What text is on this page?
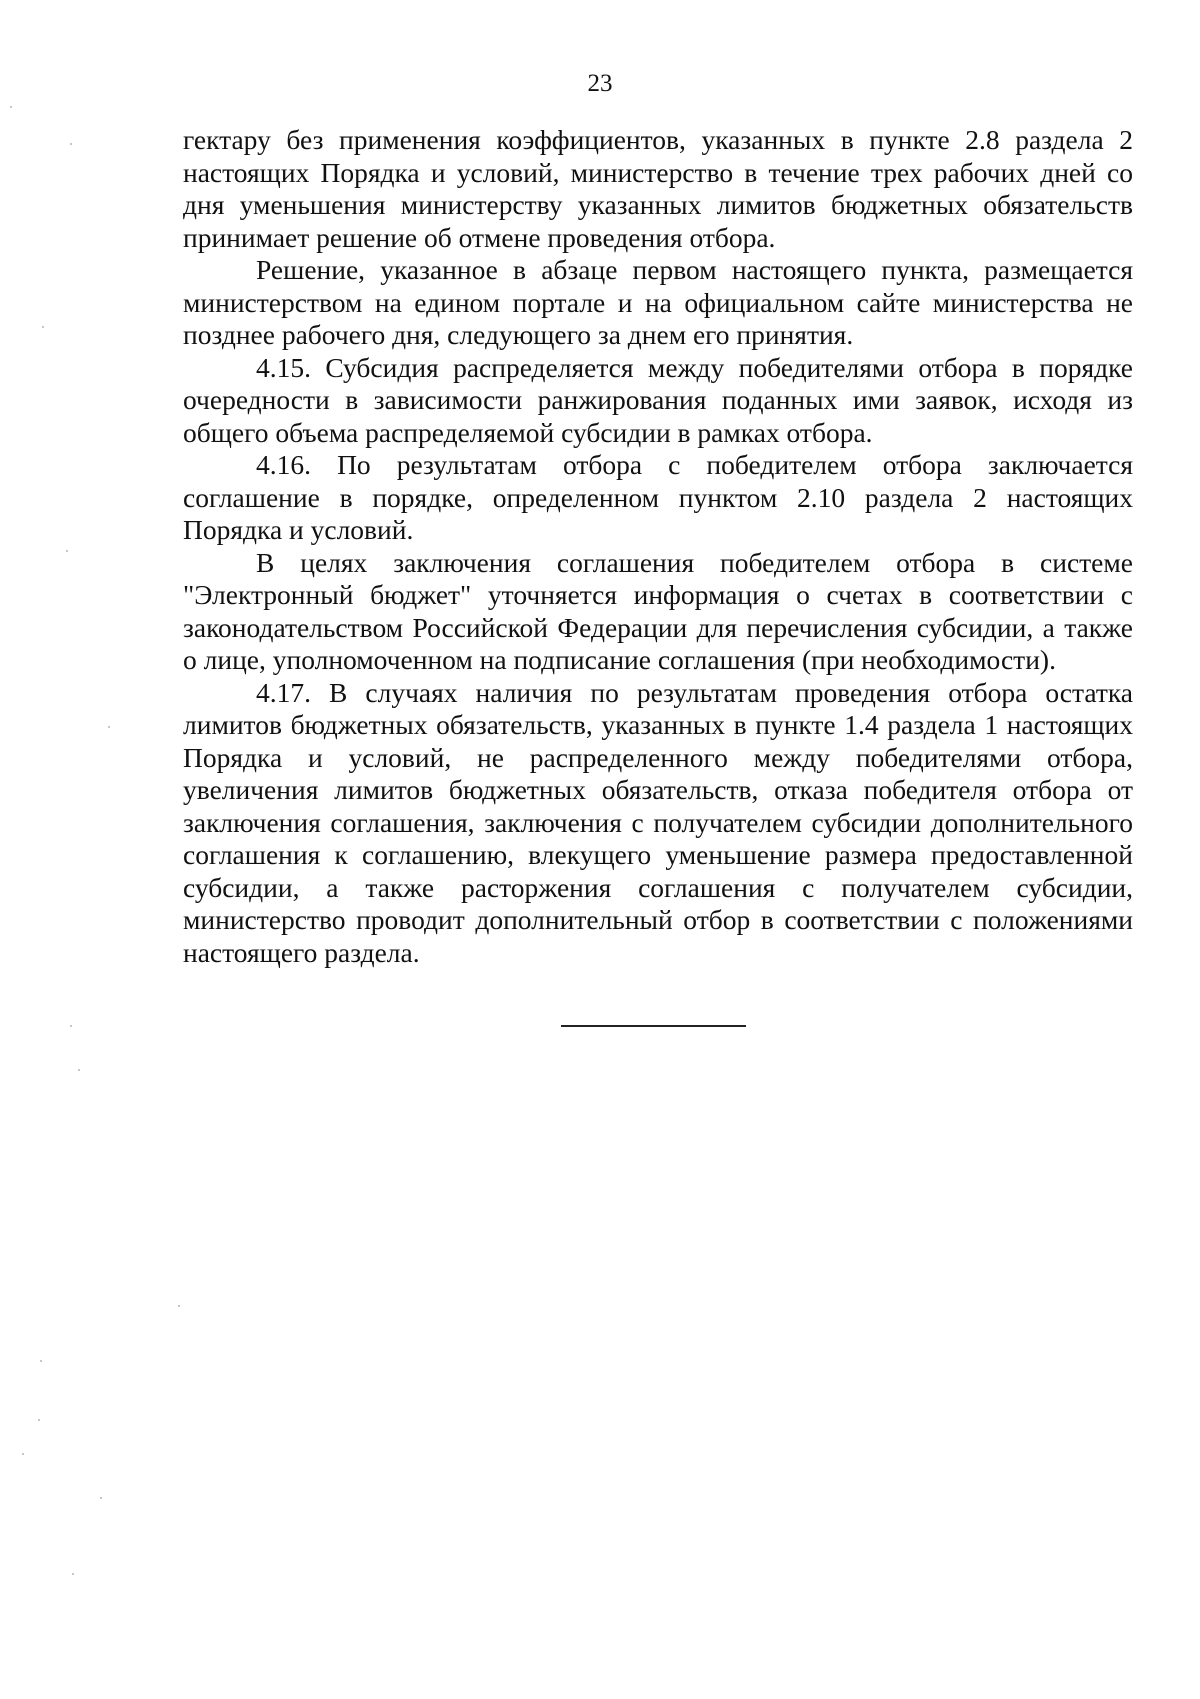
23

гектару без применения коэффициентов, указанных в пункте 2.8 раздела 2 настоящих Порядка и условий, министерство в течение трех рабочих дней со дня уменьшения министерству указанных лимитов бюджетных обязательств принимает решение об отмене проведения отбора.

Решение, указанное в абзаце первом настоящего пункта, размещается министерством на едином портале и на официальном сайте министерства не позднее рабочего дня, следующего за днем его принятия.

4.15. Субсидия распределяется между победителями отбора в порядке очередности в зависимости ранжирования поданных ими заявок, исходя из общего объема распределяемой субсидии в рамках отбора.

4.16. По результатам отбора с победителем отбора заключается соглашение в порядке, определенном пунктом 2.10 раздела 2 настоящих Порядка и условий.

В целях заключения соглашения победителем отбора в системе "Электронный бюджет" уточняется информация о счетах в соответствии с законодательством Российской Федерации для перечисления субсидии, а также о лице, уполномоченном на подписание соглашения (при необходимости).

4.17. В случаях наличия по результатам проведения отбора остатка лимитов бюджетных обязательств, указанных в пункте 1.4 раздела 1 настоящих Порядка и условий, не распределенного между победителями отбора, увеличения лимитов бюджетных обязательств, отказа победителя отбора от заключения соглашения, заключения с получателем субсидии дополнительного соглашения к соглашению, влекущего уменьшение размера предоставленной субсидии, а также расторжения соглашения с получателем субсидии, министерство проводит дополнительный отбор в соответствии с положениями настоящего раздела.
